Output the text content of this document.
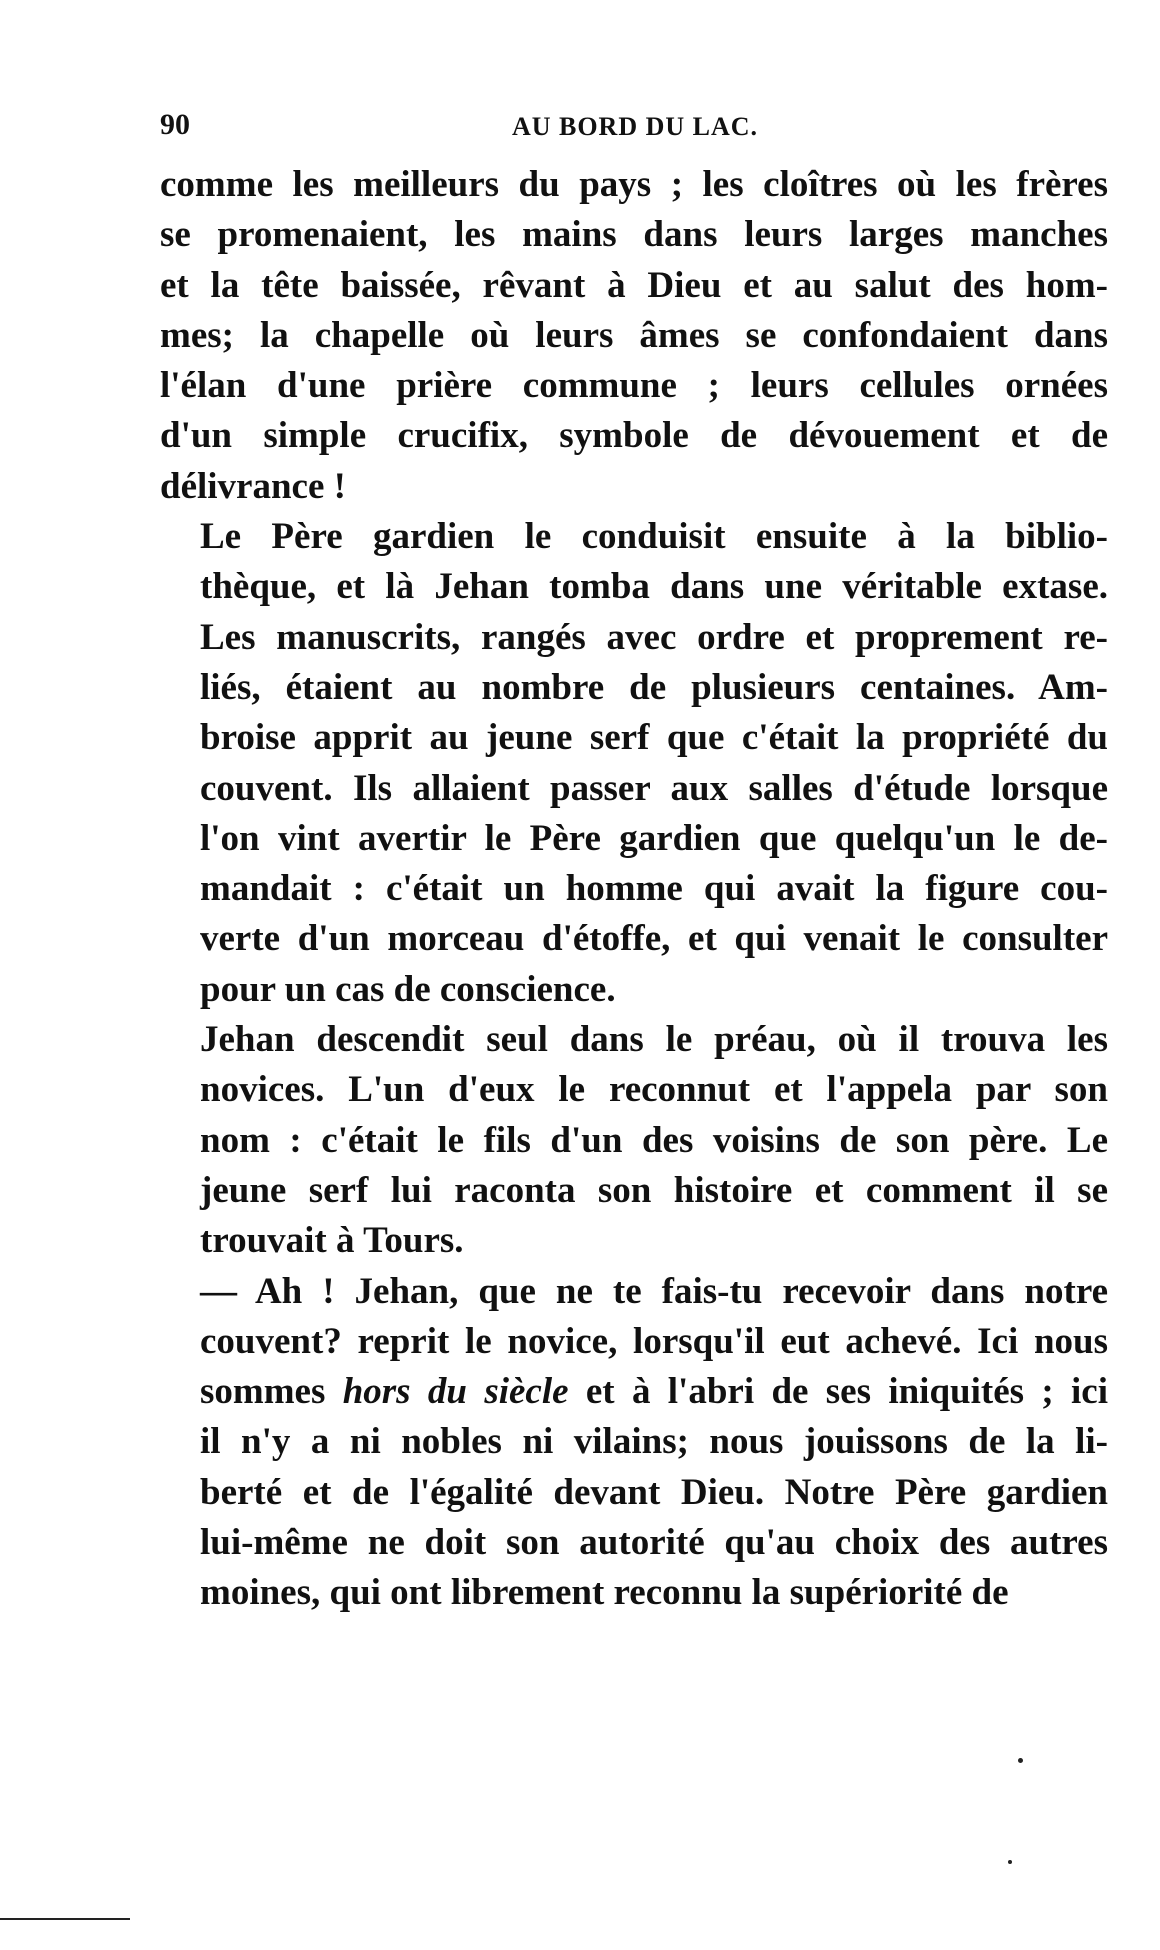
90	AU BORD DU LAC.

comme les meilleurs du pays ; les cloîtres où les frères
se promenaient, les mains dans leurs larges manches
et la tête baissée, rêvant à Dieu et au salut des hom-
mes; la chapelle où leurs âmes se confondaient dans
l'élan d'une prière commune ; leurs cellules ornées
d'un simple crucifix, symbole de dévouement et de
délivrance !

Le Père gardien le conduisit ensuite à la biblio-
thèque, et là Jehan tomba dans une véritable extase.
Les manuscrits, rangés avec ordre et proprement re-
liés, étaient au nombre de plusieurs centaines. Am-
broise apprit au jeune serf que c'était la propriété du
couvent. Ils allaient passer aux salles d'étude lorsque
l'on vint avertir le Père gardien que quelqu'un le de-
mandait : c'était un homme qui avait la figure cou-
verte d'un morceau d'étoffe, et qui venait le consulter
pour un cas de conscience.

Jehan descendit seul dans le préau, où il trouva les
novices. L'un d'eux le reconnut et l'appela par son
nom : c'était le fils d'un des voisins de son père. Le
jeune serf lui raconta son histoire et comment il se
trouvait à Tours.

— Ah ! Jehan, que ne te fais-tu recevoir dans notre
couvent? reprit le novice, lorsqu'il eut achevé. Ici nous
sommes hors du siècle et à l'abri de ses iniquités ; ici
il n'y a ni nobles ni vilains; nous jouissons de la li-
berté et de l'égalité devant Dieu. Notre Père gardien
lui-même ne doit son autorité qu'au choix des autres
moines, qui ont librement reconnu la supériorité de
